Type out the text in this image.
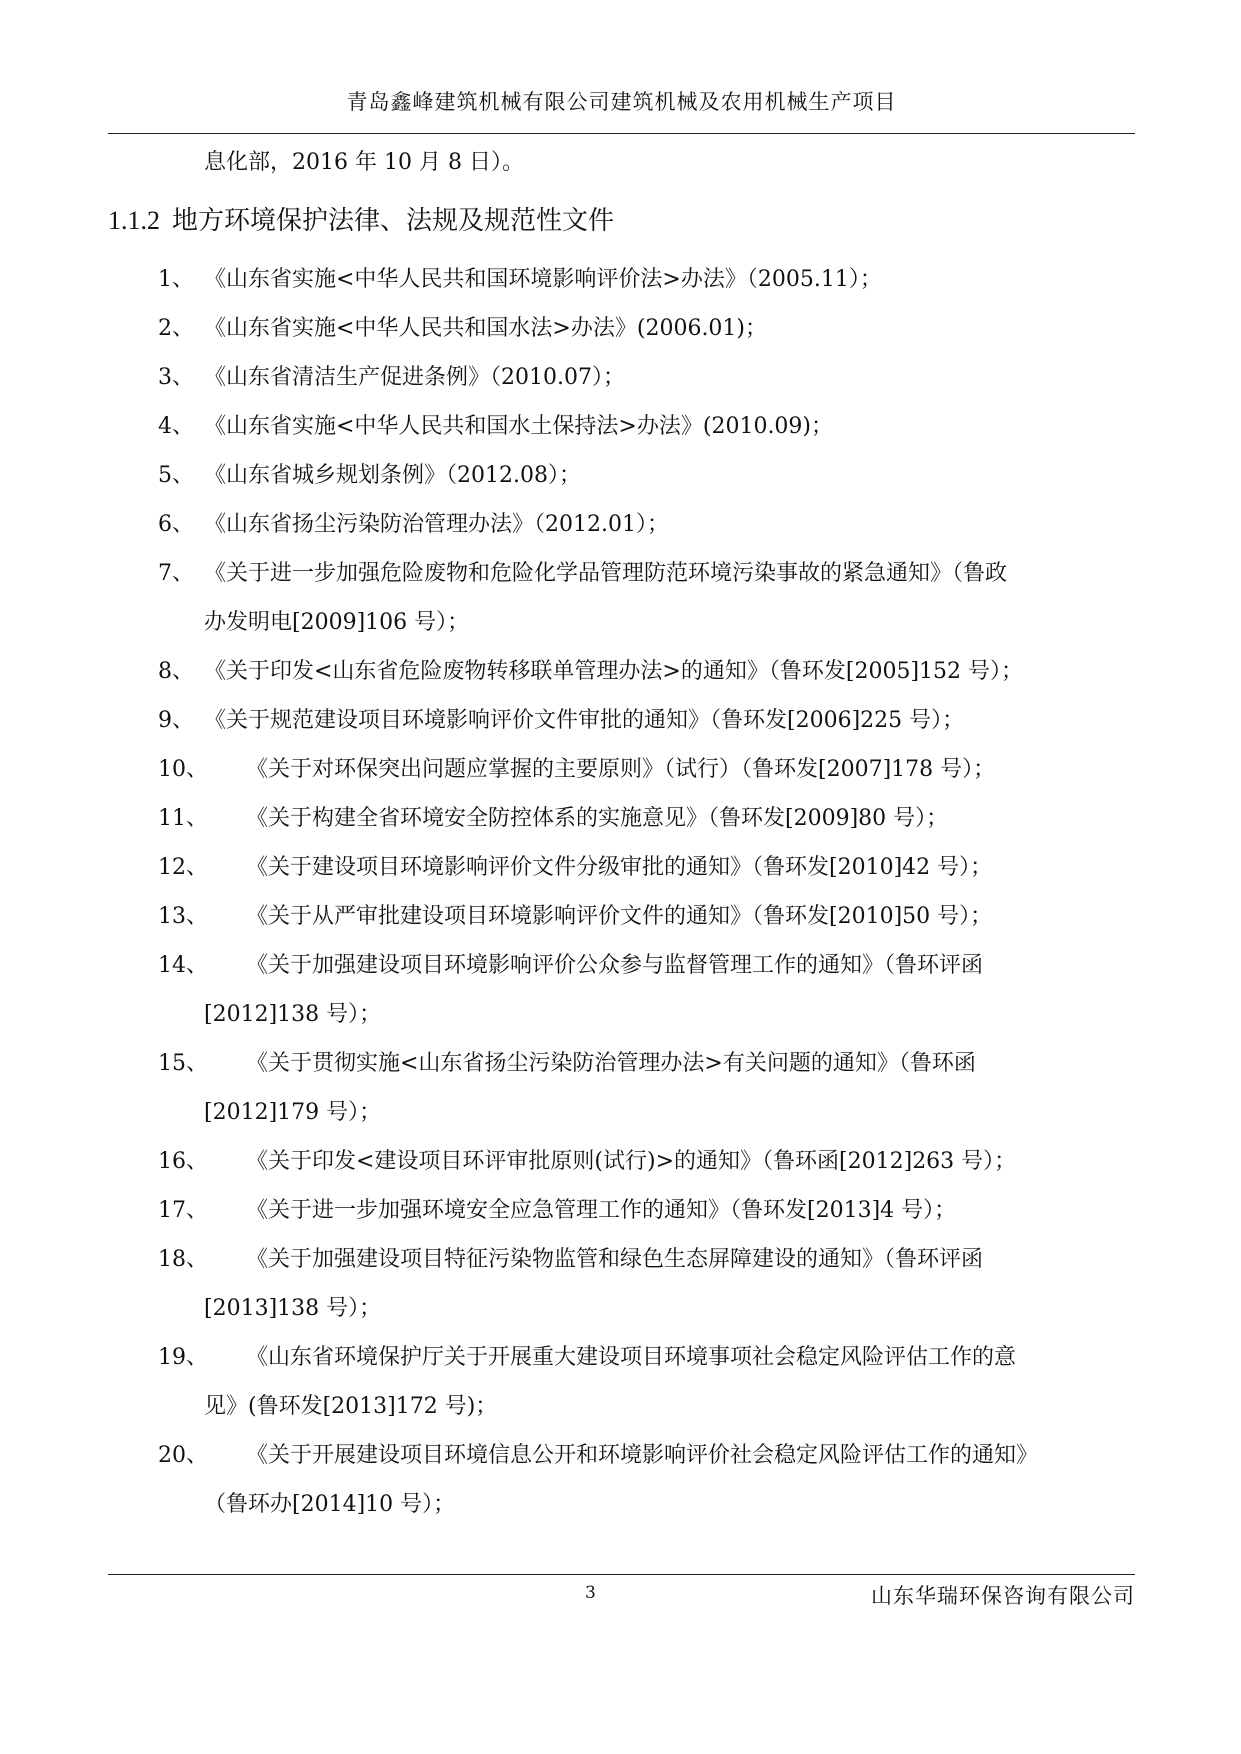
青岛鑫峰建筑机械有限公司建筑机械及农用机械生产项目

息化部，2016 年 10 月 8 日）。

1.1.2 地方环境保护法律、法规及规范性文件
1、 《山东省实施<中华人民共和国环境影响评价法>办法》（2005.11）；
2、 《山东省实施<中华人民共和国水法>办法》(2006.01)；
3、 《山东省清洁生产促进条例》（2010.07）；
4、 《山东省实施<中华人民共和国水土保持法>办法》(2010.09)；
5、 《山东省城乡规划条例》（2012.08）；
6、 《山东省扬尘污染防治管理办法》（2012.01）；
7、 《关于进一步加强危险废物和危险化学品管理防范环境污染事故的紧急通知》（鲁政
办发明电[2009]106 号）；
8、 《关于印发<山东省危险废物转移联单管理办法>的通知》（鲁环发[2005]152 号）；
9、 《关于规范建设项目环境影响评价文件审批的通知》（鲁环发[2006]225 号）；
10、 《关于对环保突出问题应掌握的主要原则》（试行）（鲁环发[2007]178 号）；
11、 《关于构建全省环境安全防控体系的实施意见》（鲁环发[2009]80 号）；
12、 《关于建设项目环境影响评价文件分级审批的通知》（鲁环发[2010]42 号）；
13、 《关于从严审批建设项目环境影响评价文件的通知》（鲁环发[2010]50 号）；
14、 《关于加强建设项目环境影响评价公众参与监督管理工作的通知》（鲁环评函
[2012]138 号）；
15、 《关于贯彻实施<山东省扬尘污染防治管理办法>有关问题的通知》（鲁环函
[2012]179 号）；
16、 《关于印发<建设项目环评审批原则(试行)>的通知》（鲁环函[2012]263 号）；
17、 《关于进一步加强环境安全应急管理工作的通知》（鲁环发[2013]4 号）；
18、 《关于加强建设项目特征污染物监管和绿色生态屏障建设的通知》（鲁环评函
[2013]138 号）；
19、 《山东省环境保护厅关于开展重大建设项目环境事项社会稳定风险评估工作的意
见》(鲁环发[2013]172 号)；
20、 《关于开展建设项目环境信息公开和环境影响评价社会稳定风险评估工作的通知》
（鲁环办[2014]10 号）；
3	山东华瑞环保咨询有限公司
